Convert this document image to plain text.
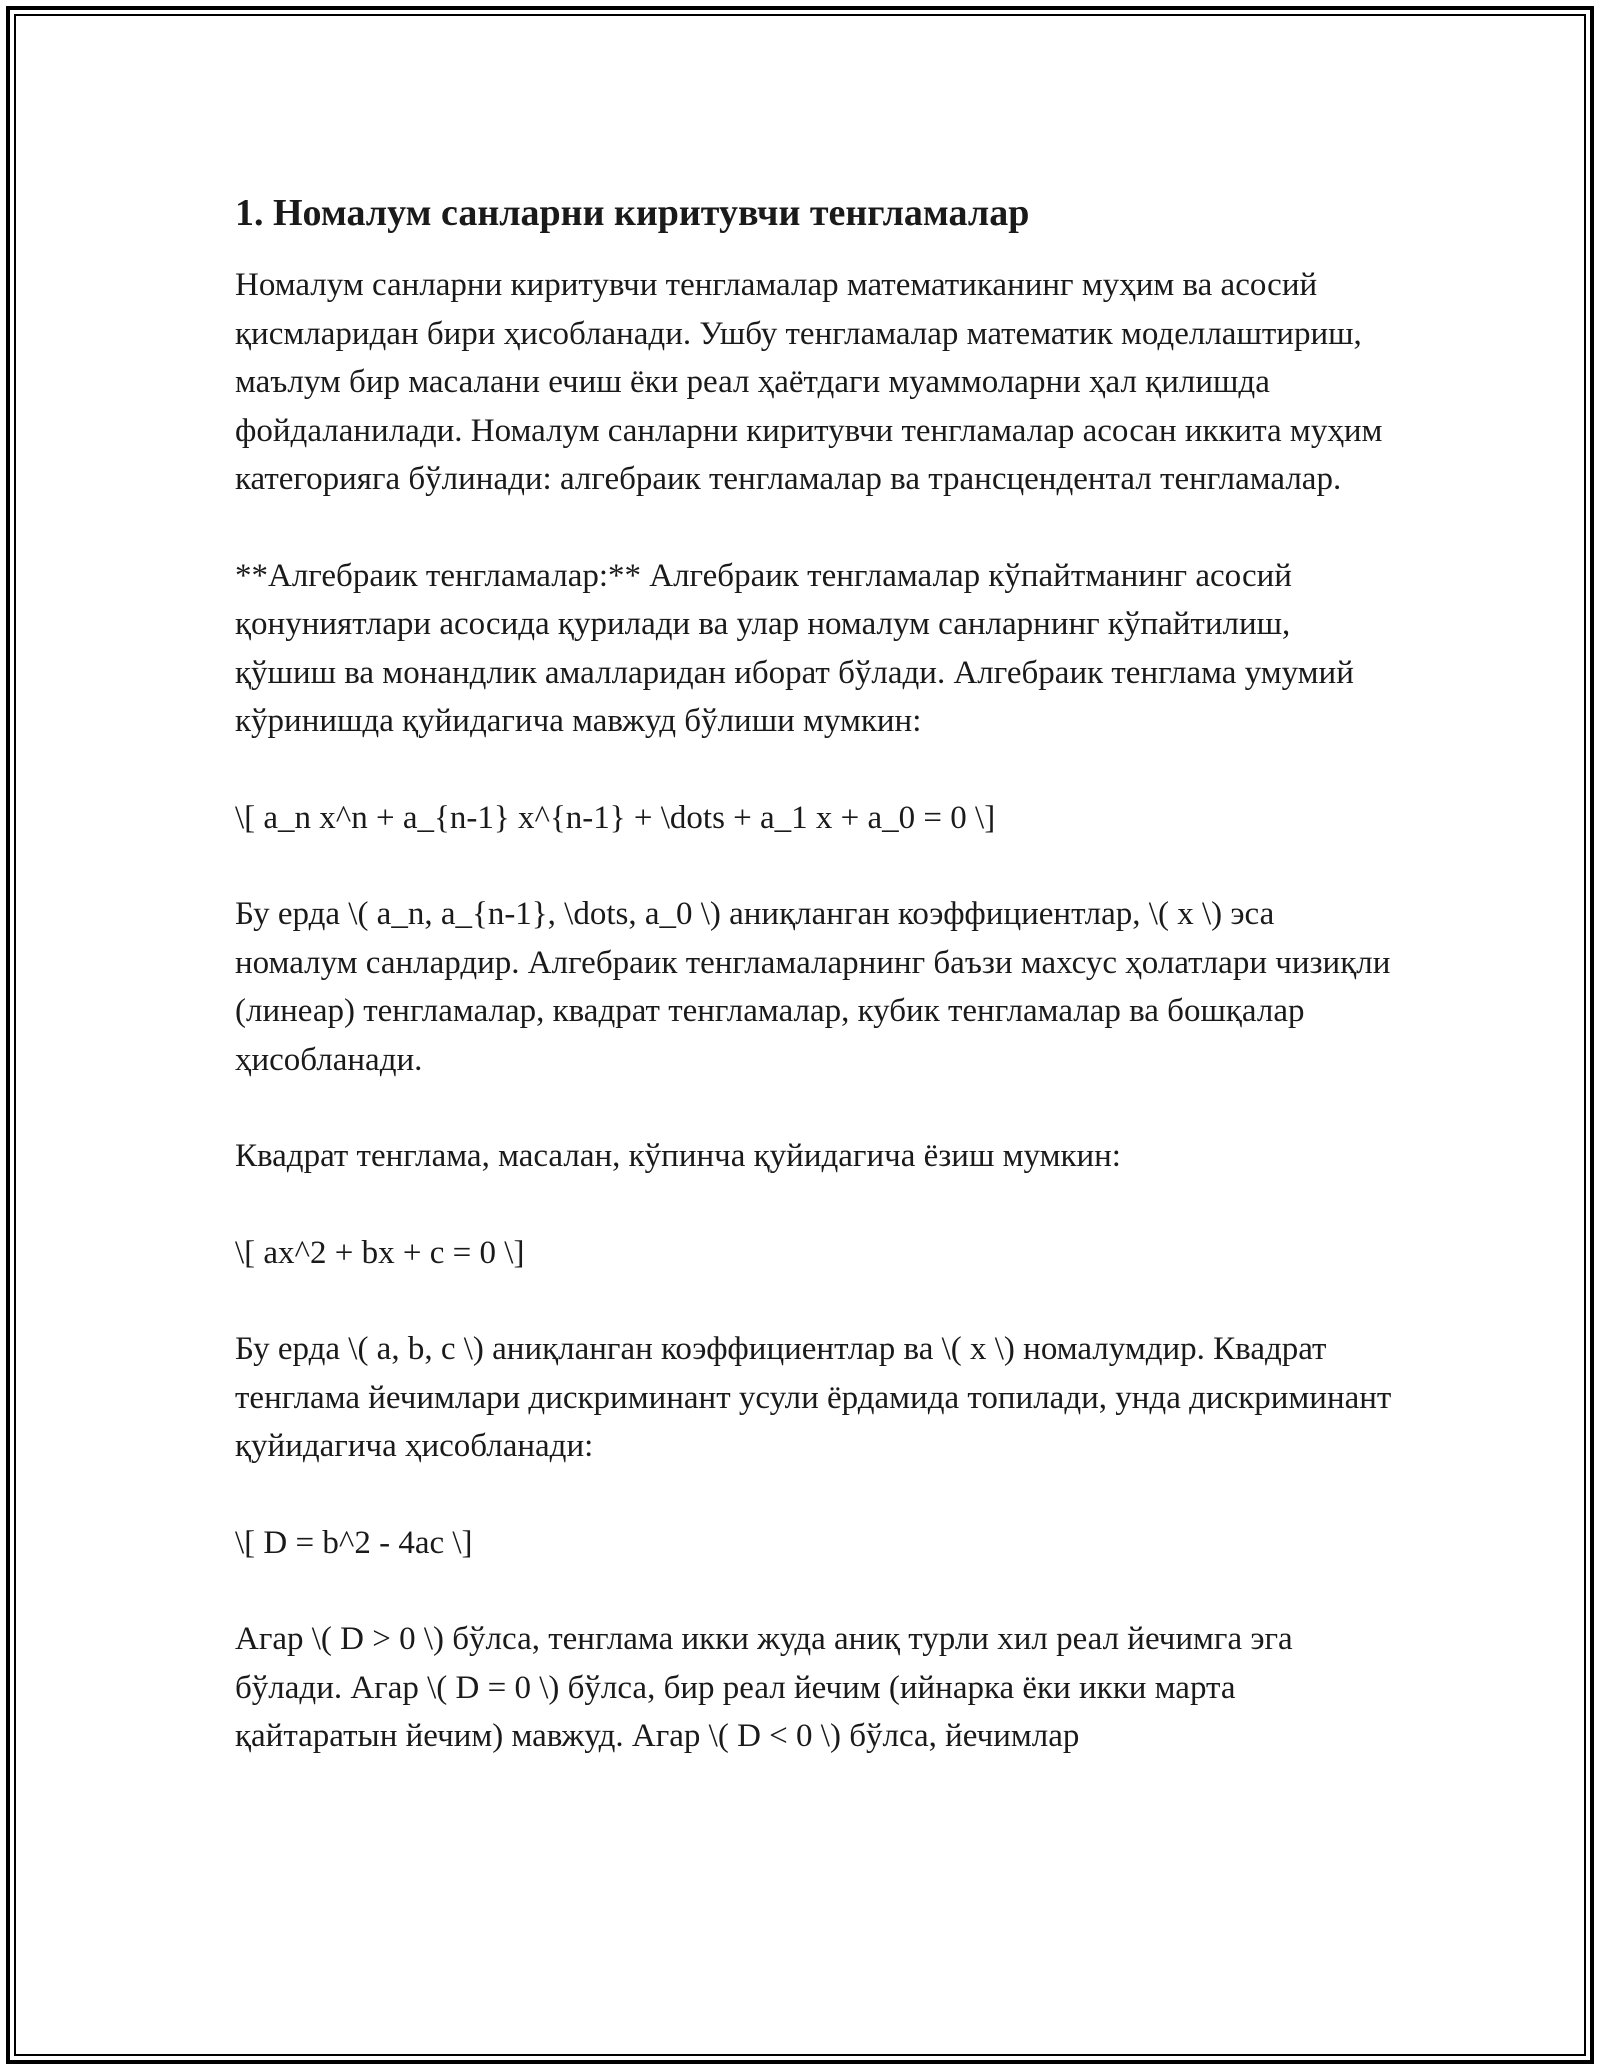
1. Номалум санларни киритувчи тенгламалар

Номалум санларни киритувчи тенгламалар математиканинг муҳим ва асосий қисмларидан бири ҳисобланади. Ушбу тенгламалар математик моделлаштириш, маълум бир масалани ечиш ёки реал ҳаётдаги муаммоларни ҳал қилишда фойдаланилади. Номалум санларни киритувчи тенгламалар асосан иккита муҳим категорияга бўлинади: алгебраик тенгламалар ва трансцендентал тенгламалар.

**Алгебраик тенгламалар:** Алгебраик тенгламалар кўпайтманинг асосий қонуниятлари асосида қурилади ва улар номалум санларнинг кўпайтилиш, қўшиш ва монандлик амалларидан иборат бўлади. Алгебраик тенглама умумий кўринишда қуйидагича мавжуд бўлиши мумкин:

\[ a_n x^n + a_{n-1} x^{n-1} + \dots + a_1 x + a_0 = 0 \]

Бу ерда \( a_n, a_{n-1}, \dots, a_0 \) аниқланган коэффициентлар, \( x \) эса номалум санлардир. Алгебраик тенгламаларнинг баъзи махсус ҳолатлари чизиқли (линеар) тенгламалар, квадрат тенгламалар, кубик тенгламалар ва бошқалар ҳисобланади.

Квадрат тенглама, масалан, кўпинча қуйидагича ёзиш мумкин:

\[ ax^2 + bx + c = 0 \]

Бу ерда \( a, b, c \) аниқланган коэффициентлар ва \( x \) номалумдир. Квадрат тенглама йечимлари дискриминант усули ёрдамида топилади, унда дискриминант қуйидагича ҳисобланади:

\[ D = b^2 - 4ac \]

Агар \( D > 0 \) бўлса, тенглама икки жуда аниқ турли хил реал йечимга эга бўлади. Агар \( D = 0 \) бўлса, бир реал йечим (ийнарка ёки икки марта қайтаратын йечим) мавжуд. Агар \( D < 0 \) бўлса, йечимлар
